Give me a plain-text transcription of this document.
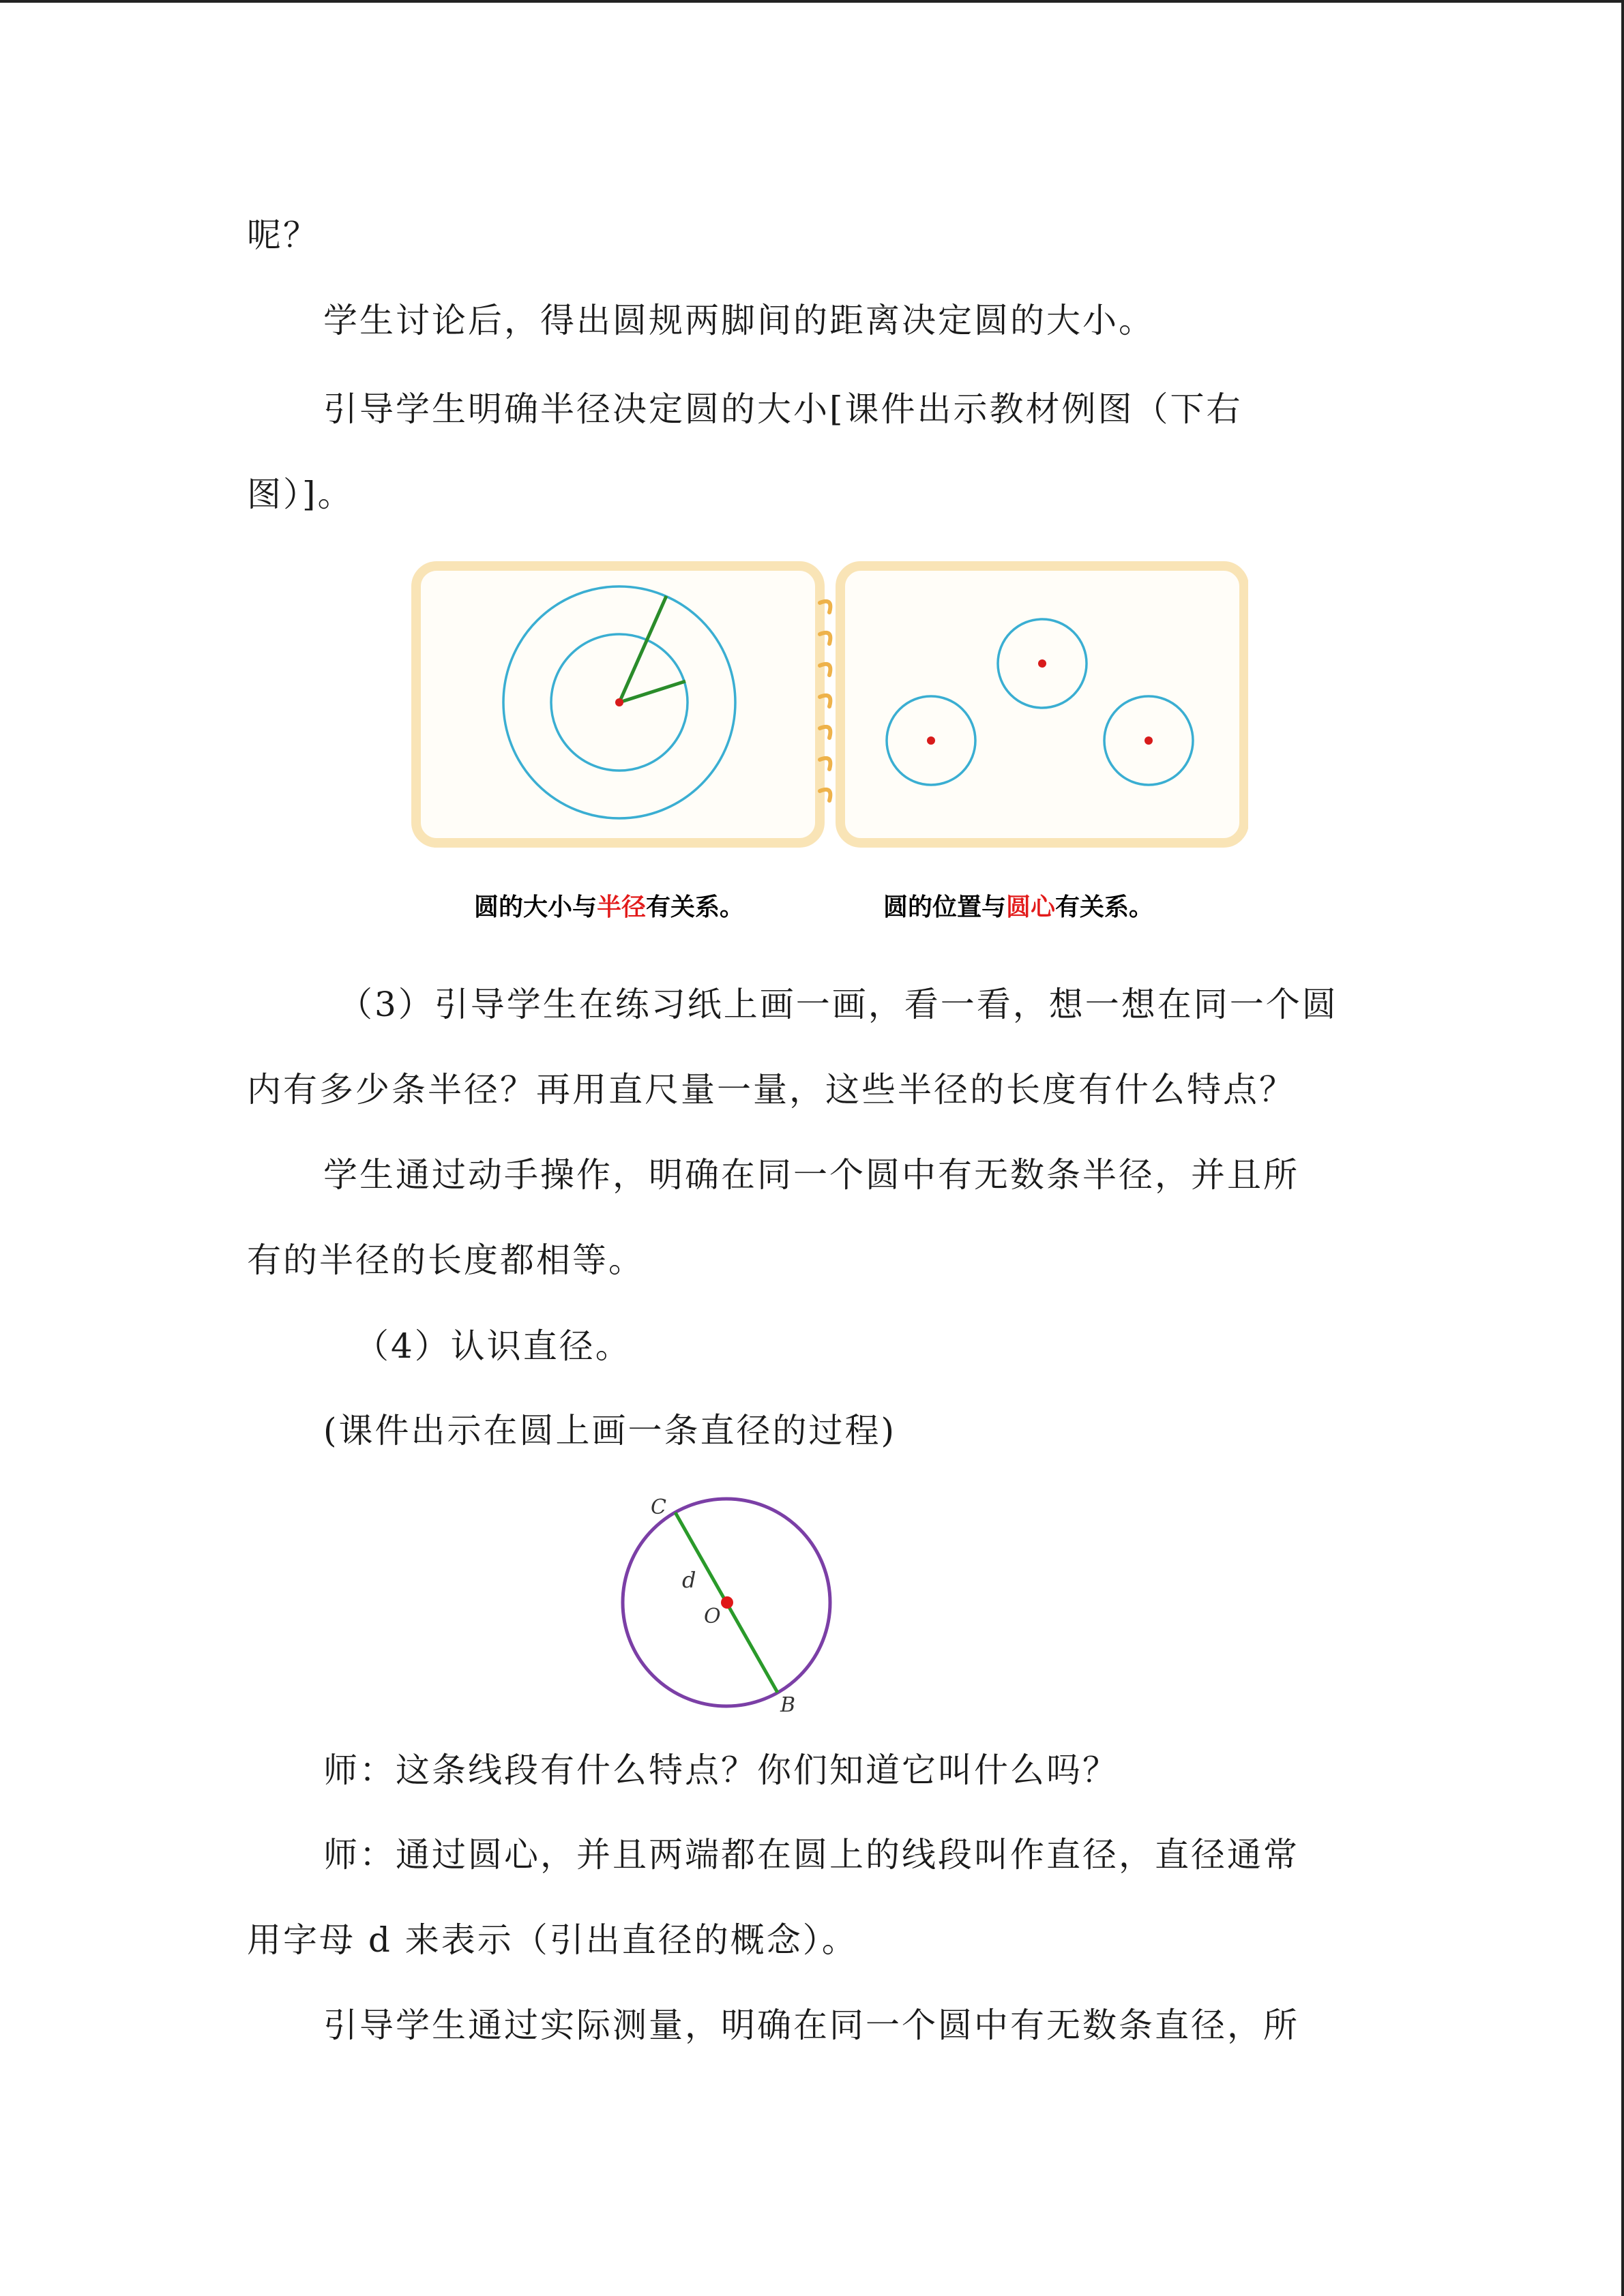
呢？
学生讨论后，得出圆规两脚间的距离决定圆的大小。
引导学生明确半径决定圆的大小[课件出示教材例图（下右
图）]。
圆的大小与半径有关系。	圆的位置与圆心有关系。
（3）引导学生在练习纸上画一画，看一看，想一想在同一个圆
内有多少条半径？再用直尺量一量，这些半径的长度有什么特点？
学生通过动手操作，明确在同一个圆中有无数条半径，并且所
有的半径的长度都相等。
（4）认识直径。
(课件出示在圆上画一条直径的过程)
C
d
O
B
师：这条线段有什么特点？你们知道它叫什么吗？
师：通过圆心，并且两端都在圆上的线段叫作直径，直径通常
用字母 d 来表示（引出直径的概念）。
引导学生通过实际测量，明确在同一个圆中有无数条直径，所
